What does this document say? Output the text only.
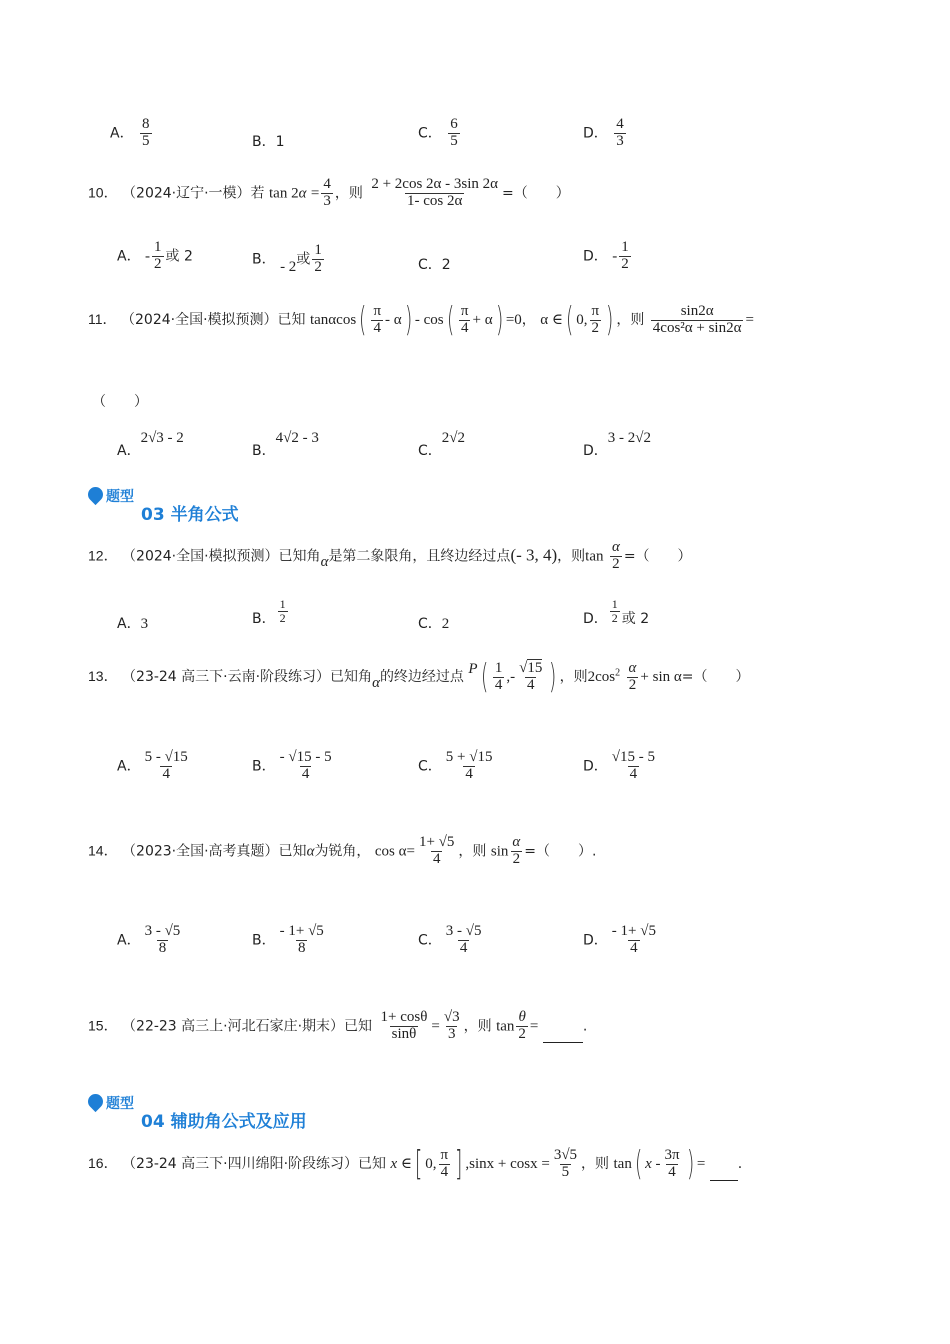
A． $\frac{8}{5}$	B．1
C． $\frac{6}{5}$	D． $\frac{4}{3}$
10． （2024·辽宁·一模）若 $\tan 2\alpha = \frac{4}{3}$ ，则 $\frac{2 + 2\cos 2\alpha - 3\sin 2\alpha}{1- \cos 2\alpha}$ =（　　）
A． - $\frac{1}{2}$ 或 2	B． - 2或 $\frac{1}{2}$	C．2
D． - $\frac{1}{2}$
11． （2024·全国·模拟预测）已知 $\tan\alpha\cos( \frac{\pi}{4} - \alpha) - \cos( \frac{\pi}{4} + \alpha) =0$， α ∈( 0, $\frac{\pi}{2}$ ) ，则 $\frac{\sin 2\alpha}{\text{4cos²α + sin2α}}$ =
（　　）
A．2√3 - 2
B．4√2 - 3
C．2√2
D．3 - 2√2
题型
03 半角公式
12． （2024·全国·模拟预测）已知角α是第二象限角，且终边经过点(- 3, 4)，则$\tan \frac{\alpha}{2}$ =（　　）
A．3	B． $\frac{1}{2}$	C．2	D． $\frac{1}{2}$ 或 2
13． （23-24 高三下·云南·阶段练习）已知角α的终边经过点 $P( \frac{1}{4}$ ,- $\frac{√15}{4}$ ) ，则$2\cos^2 \frac{\alpha}{2} + \sin \alpha=$（　　）
A． $\frac{5 - √15}{4}$	B． $\frac{- √15 - 5}{4}$	C． $\frac{5 + √15}{4}$	D． $\frac{√15 - 5}{4}$
14． （2023·全国·高考真题）已知α为锐角， $\cos \alpha= \frac{1+ √5}{4}$ ，则 $\sin \frac{\alpha}{2}$ =（　　）.
A． $\frac{3 - √5}{8}$	B． $\frac{- 1+ √5}{8}$	C． $\frac{3 - √5}{4}$	D． $\frac{- 1+ √5}{4}$
15． （22-23 高三上·河北石家庄·期末）已知 $\frac{1+ \cos\theta}{\sin\theta} = \frac{√3}{3}$ ，则 $\tan \frac{\theta}{2}$ =	.
题型
04 辅助角公式及应用
16． （23-24 高三下·四川绵阳·阶段练习）已知 x ∈[ 0, $\frac{\pi}{4}$ ] $,\sin x + \cos x = \frac{3√5}{5}$ ，则 tan( x - $\frac{3\pi}{4}$ ) = .
